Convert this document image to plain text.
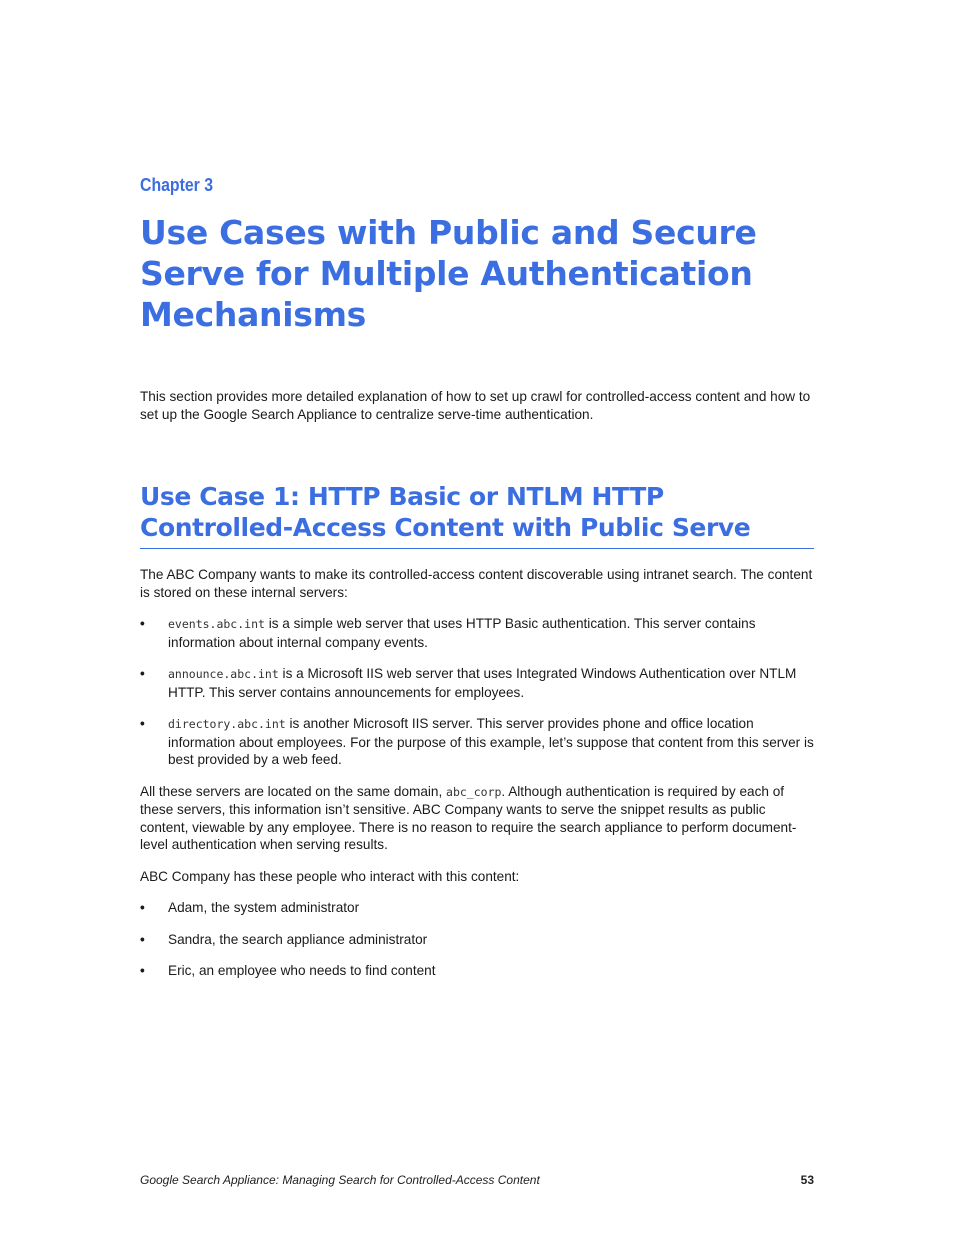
Chapter 3
Use Cases with Public and Secure Serve for Multiple Authentication Mechanisms

This section provides more detailed explanation of how to set up crawl for controlled-access content and how to set up the Google Search Appliance to centralize serve-time authentication.

Use Case 1: HTTP Basic or NTLM HTTP Controlled-Access Content with Public Serve

The ABC Company wants to make its controlled-access content discoverable using intranet search. The content is stored on these internal servers:

• events.abc.int is a simple web server that uses HTTP Basic authentication. This server contains information about internal company events.
• announce.abc.int is a Microsoft IIS web server that uses Integrated Windows Authentication over NTLM HTTP. This server contains announcements for employees.
• directory.abc.int is another Microsoft IIS server. This server provides phone and office location information about employees. For the purpose of this example, let’s suppose that content from this server is best provided by a web feed.

All these servers are located on the same domain, abc_corp. Although authentication is required by each of these servers, this information isn’t sensitive. ABC Company wants to serve the snippet results as public content, viewable by any employee. There is no reason to require the search appliance to perform document-level authentication when serving results.

ABC Company has these people who interact with this content:

• Adam, the system administrator
• Sandra, the search appliance administrator
• Eric, an employee who needs to find content
Google Search Appliance: Managing Search for Controlled-Access Content	53
